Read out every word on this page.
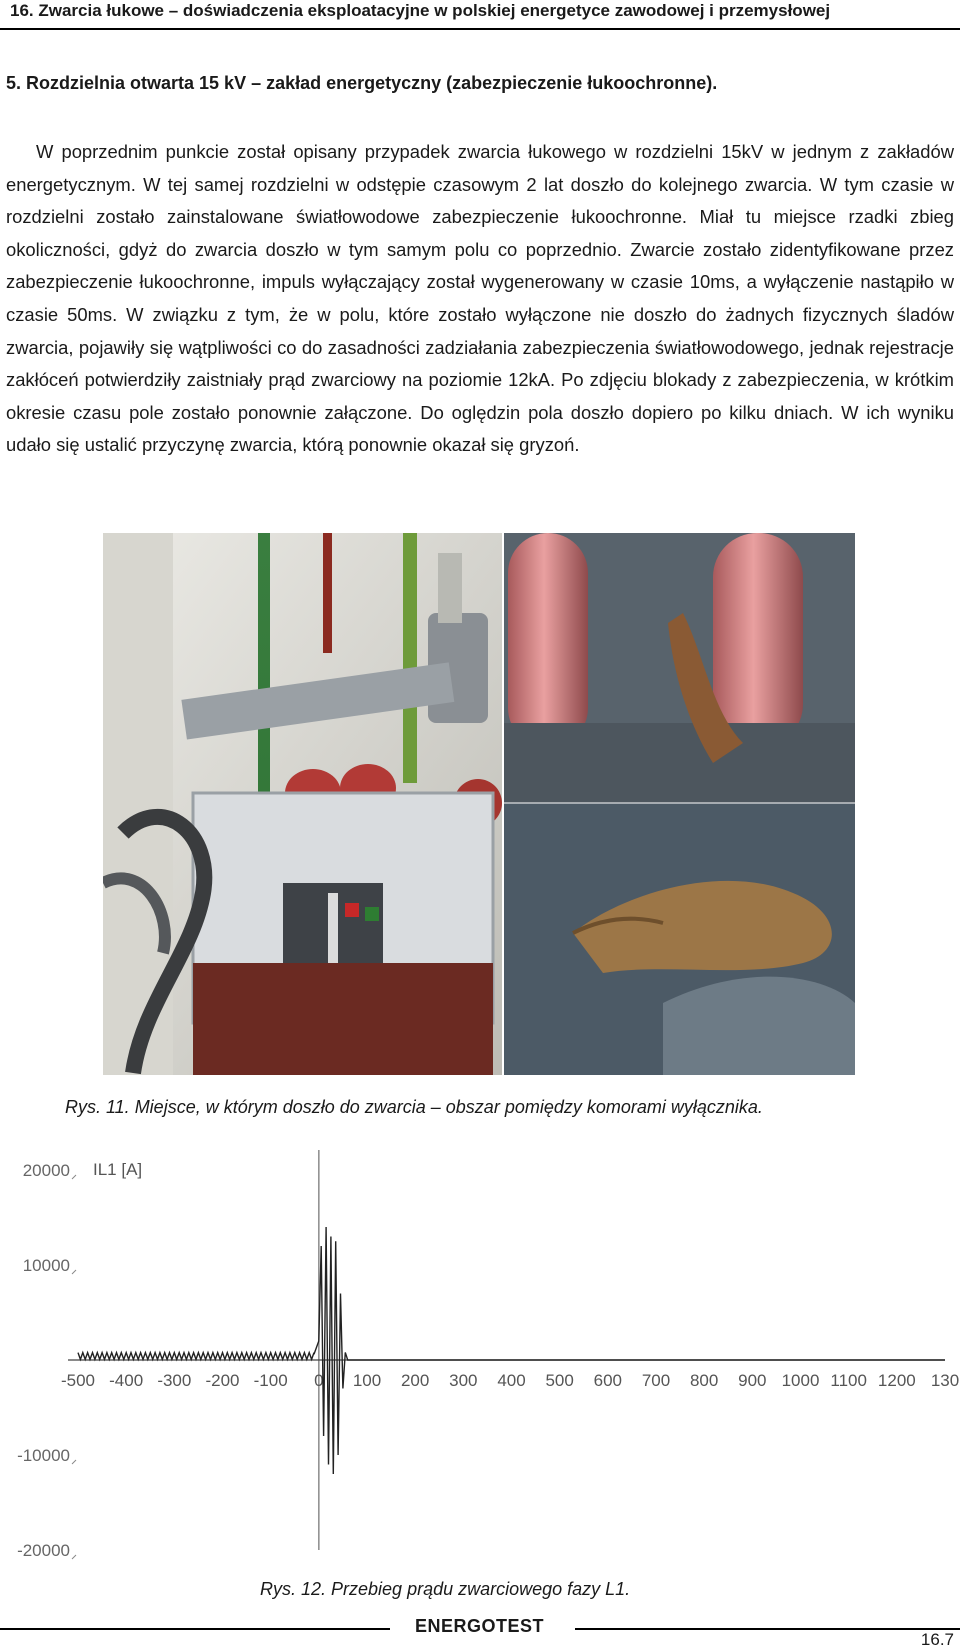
16. Zwarcia łukowe – doświadczenia eksploatacyjne w polskiej energetyce zawodowej i przemysłowej
5. Rozdzielnia otwarta 15 kV – zakład energetyczny (zabezpieczenie łukoochronne).

W poprzednim punkcie został opisany przypadek zwarcia łukowego w rozdzielni 15kV w jednym z zakładów energetycznym. W tej samej rozdzielni w odstępie czasowym 2 lat doszło do kolejnego zwarcia. W tym czasie w rozdzielni zostało zainstalowane światłowodowe zabezpieczenie łukoochronne. Miał tu miejsce rzadki zbieg okoliczności, gdyż do zwarcia doszło w tym samym polu co poprzednio. Zwarcie zostało zidentyfikowane przez zabezpieczenie łukoochronne, impuls wyłączający został wygenerowany w czasie 10ms, a wyłączenie nastąpiło w czasie 50ms. W związku z tym, że w polu, które zostało wyłączone nie doszło do żadnych fizycznych śladów zwarcia, pojawiły się wątpliwości co do zasadności zadziałania zabezpieczenia światłowodowego, jednak rejestracje zakłóceń potwierdziły zaistniały prąd zwarciowy na poziomie 12kA. Po zdjęciu blokady z zabezpieczenia, w krótkim okresie czasu pole zostało ponownie załączone. Do oględzin pola doszło dopiero po kilku dniach. W ich wyniku udało się ustalić przyczynę zwarcia, którą ponownie okazał się gryzoń.

Rys. 11. Miejsce, w którym doszło do zwarcia – obszar pomiędzy komorami wyłącznika.
IL1 [A]
20000
10000
-10000
-20000
-500 -400 -300 -200 -100 0 100 200 300 400 500 600 700 800 900 1000 1100 1200 130
Rys. 12. Przebieg prądu zwarciowego fazy L1.
ENERGOTEST
16.7
